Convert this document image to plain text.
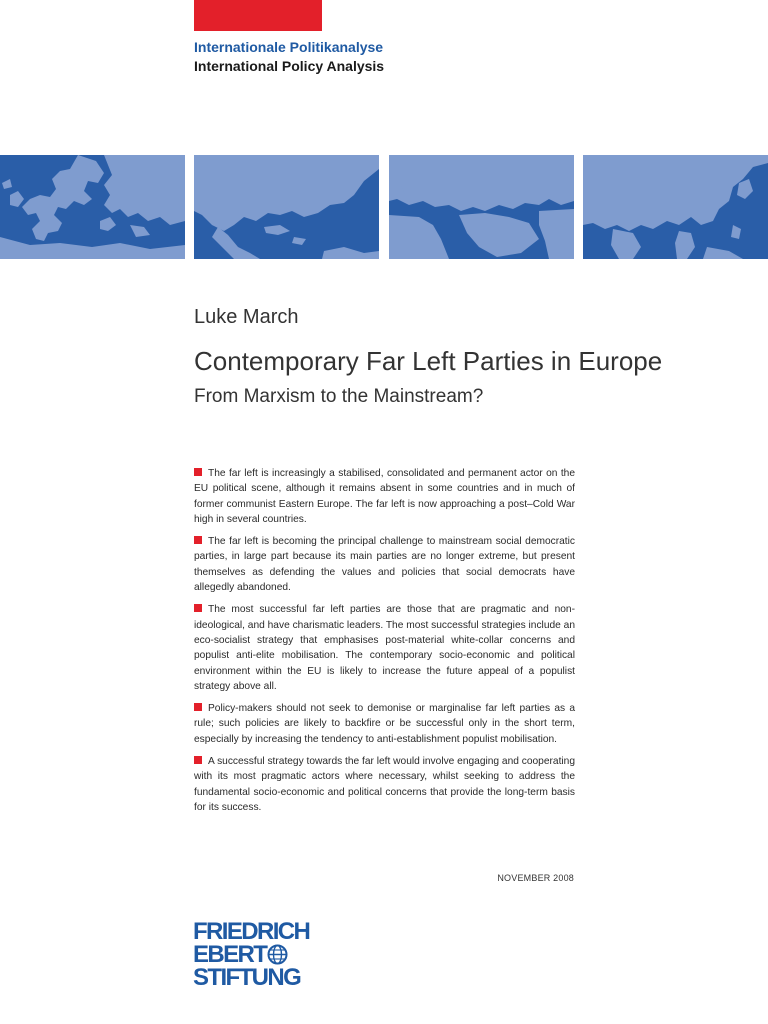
Internationale Politikanalyse
International Policy Analysis
Luke March
Contemporary Far Left Parties in Europe
From Marxism to the Mainstream?
The far left is increasingly a stabilised, consolidated and permanent actor on the EU political scene, although it remains absent in some countries and in much of former communist Eastern Europe. The far left is now approaching a post–Cold War high in several countries.
The far left is becoming the principal challenge to mainstream social democratic parties, in large part because its main parties are no longer extreme, but present themselves as defending the values and policies that social democrats have allegedly abandoned.
The most successful far left parties are those that are pragmatic and non-ideological, and have charismatic leaders. The most successful strategies include an eco-socialist strategy that emphasises post-material white-collar concerns and populist anti-elite mobilisation. The contemporary socio-economic and political environment within the EU is likely to increase the future appeal of a populist strategy above all.
Policy-makers should not seek to demonise or marginalise far left parties as a rule; such policies are likely to backfire or be successful only in the short term, especially by increasing the tendency to anti-establishment populist mobilisation.
A successful strategy towards the far left would involve engaging and cooperating with its most pragmatic actors where necessary, whilst seeking to address the fundamental socio-economic and political concerns that provide the long-term basis for its success.
NOVEMBER 2008
FRIEDRICH
EBERT
STIFTUNG
